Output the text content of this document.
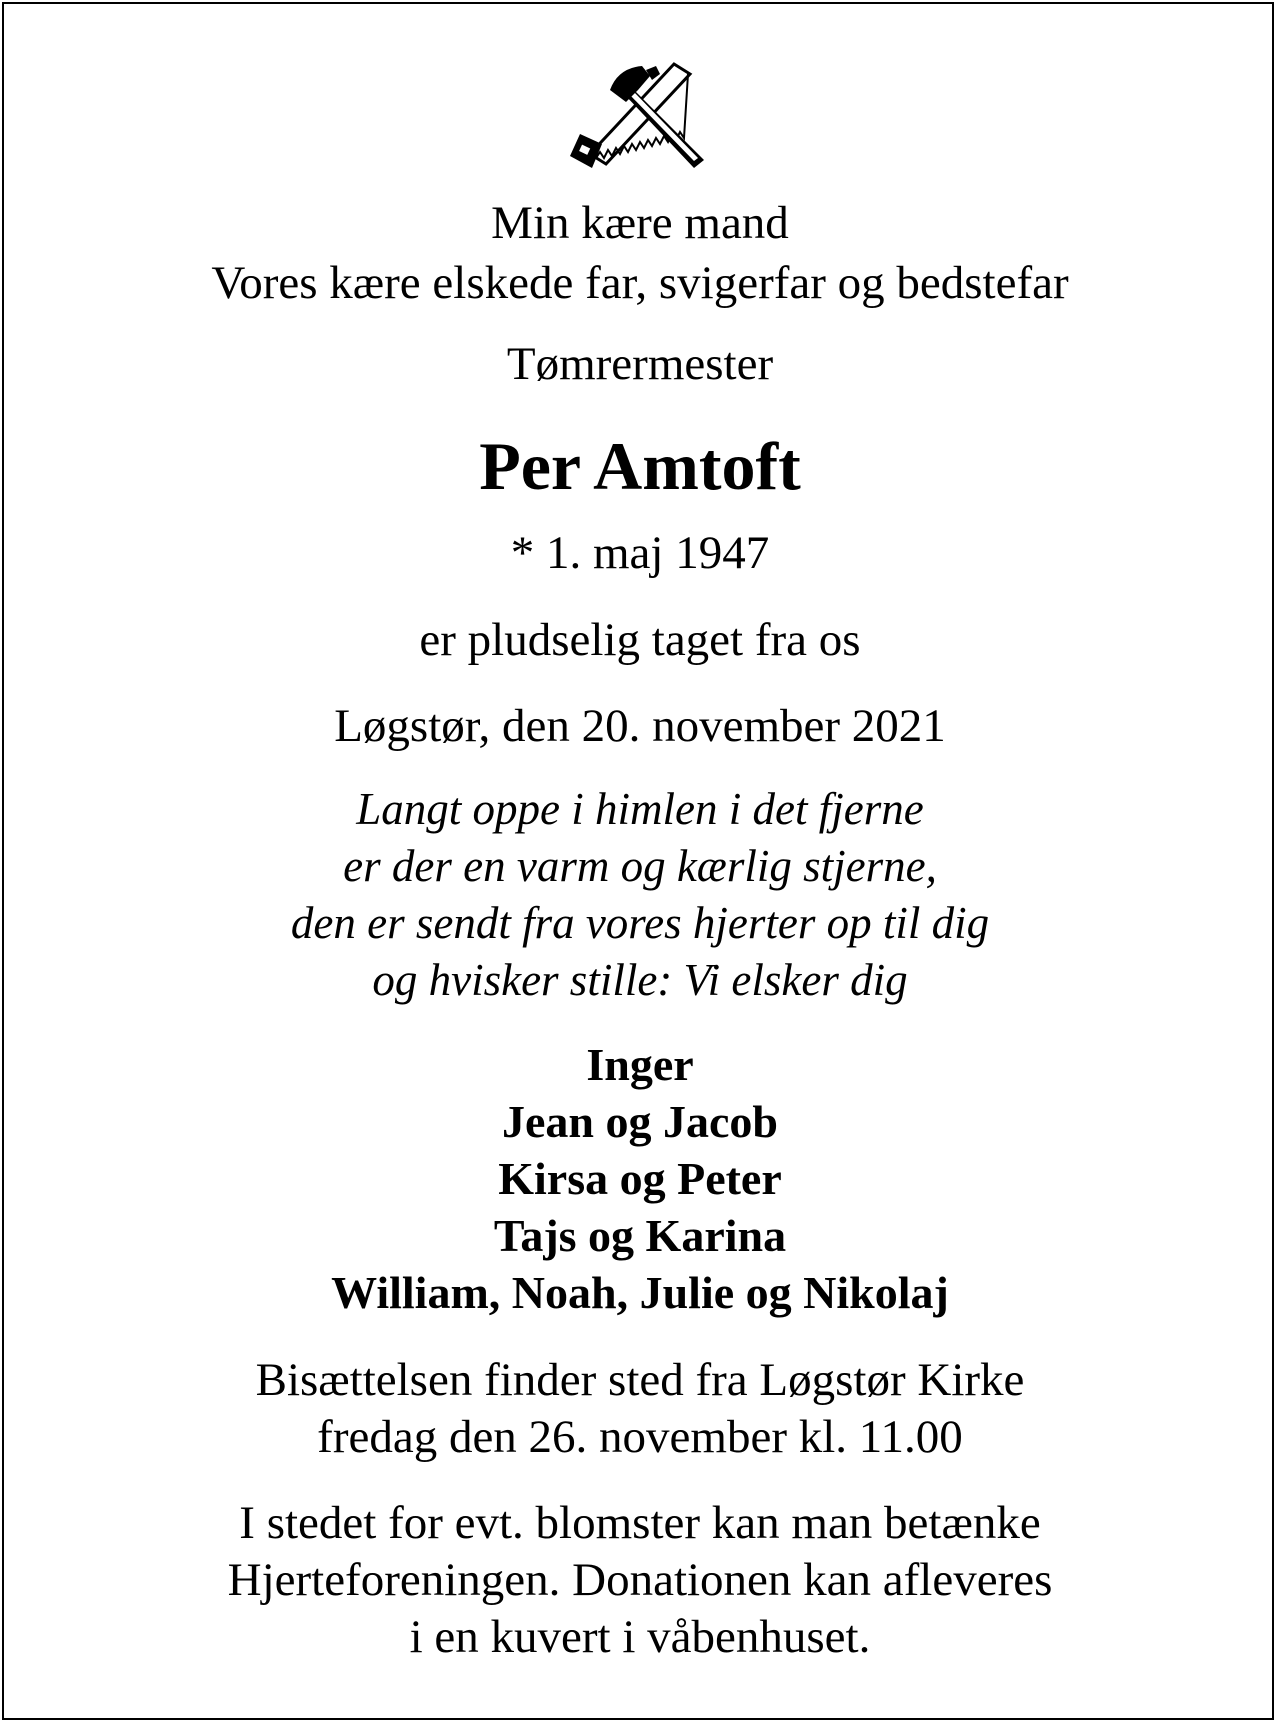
Min kære mand
Vores kære elskede far, svigerfar og bedstefar
Tømrermester
Per Amtoft
* 1. maj 1947
er pludselig taget fra os
Løgstør, den 20. november 2021
Langt oppe i himlen i det fjerne
er der en varm og kærlig stjerne,
den er sendt fra vores hjerter op til dig
og hvisker stille: Vi elsker dig
Inger
Jean og Jacob
Kirsa og Peter
Tajs og Karina
William, Noah, Julie og Nikolaj
Bisættelsen finder sted fra Løgstør Kirke
fredag den 26. november kl. 11.00
I stedet for evt. blomster kan man betænke
Hjerteforeningen. Donationen kan afleveres
i en kuvert i våbenhuset.
